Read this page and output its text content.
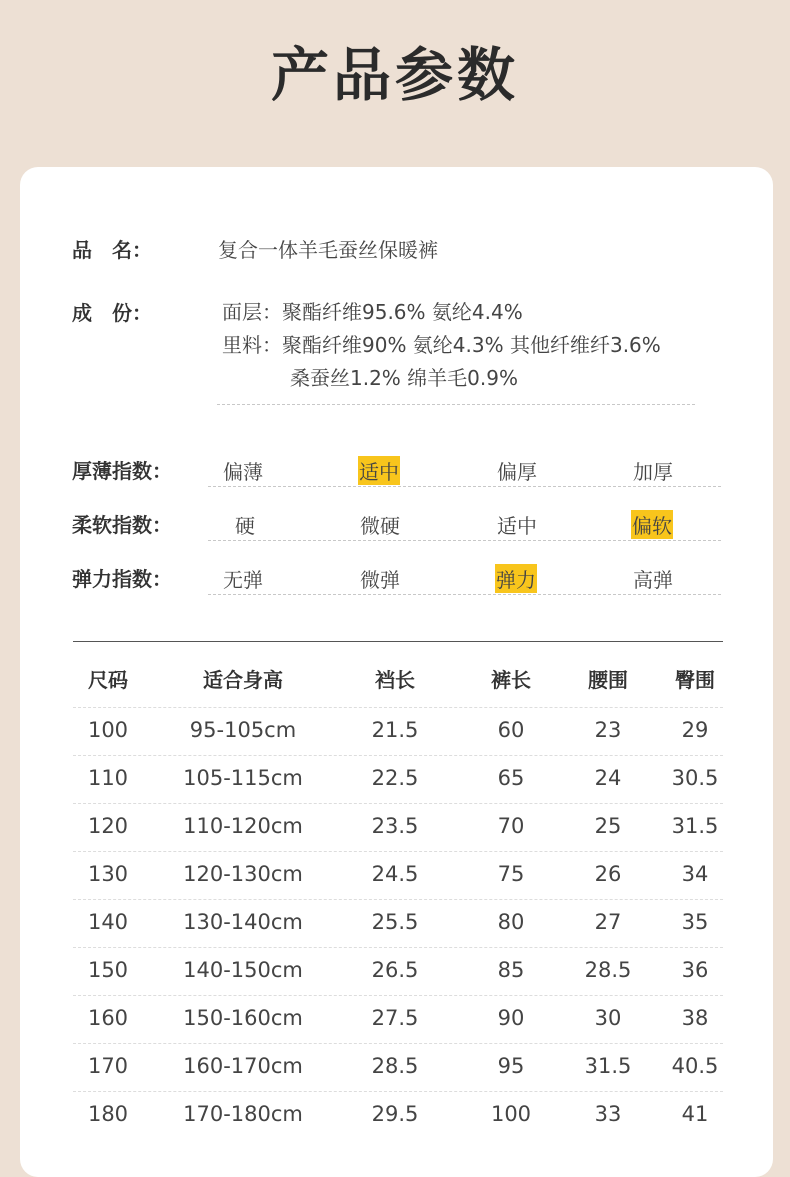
产品参数
品　名：	复合一体羊毛蚕丝保暖裤
成　份：	面层：聚酯纤维95.6% 氨纶4.4%
里料：聚酯纤维90% 氨纶4.3% 其他纤维纤3.6%
桑蚕丝1.2% 绵羊毛0.9%
厚薄指数：	偏薄	适中	偏厚	加厚
柔软指数：	硬	微硬	适中	偏软
弹力指数：	无弹	微弹	弹力	高弹
尺码	适合身高	裆长	裤长	腰围 臀围
100	95-105cm	21.5	60	23	29
110	105-115cm	22.5	65	24 30.5
120	110-120cm	23.5	70	25 31.5
130	120-130cm	24.5	75	26	34
140	130-140cm	25.5	80	27	35
150	140-150cm	26.5	85	28.5 36
160	150-160cm	27.5	90	30	38
170	160-170cm	28.5	95	31.5 40.5
180	170-180cm	29.5	100	33	41
